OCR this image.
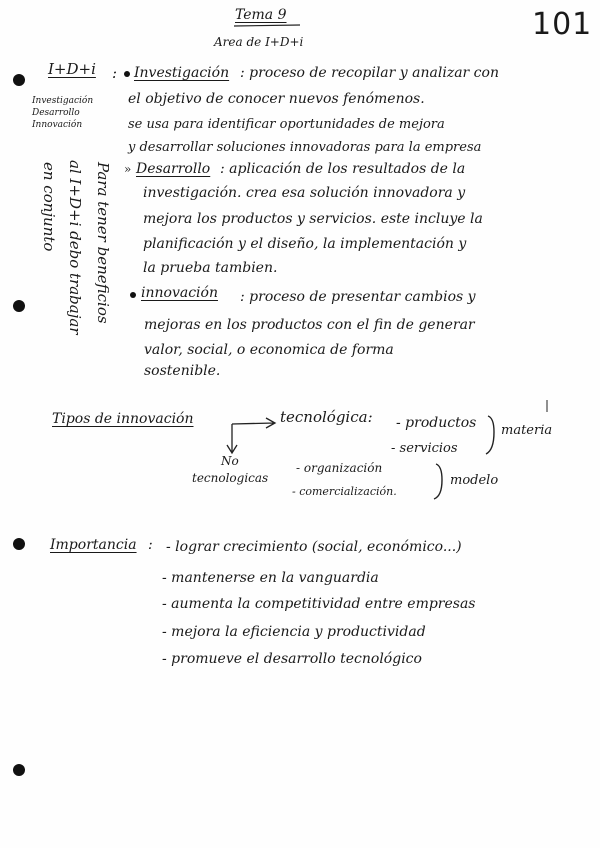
Tema 9
Area de I+D+i	101
I+D+i :
Investigación
Desarrollo
Innovación
Investigación : proceso de recopilar y analizar con
el objetivo de conocer nuevos fenómenos.
se usa para identificar oportunidades de mejora
y desarrollar soluciones innovadoras para la empresa
» Desarrollo : aplicación de los resultados de la
investigación. crea esa solución innovadora y
mejora los productos y servicios. este incluye la
planificación y el diseño, la implementación y
la prueba tambien.
innovación : proceso de presentar cambios y
mejoras en los productos con el fin de generar
valor, social, o economica de forma
sostenible.
Para tener beneficios
al I+D+i debo trabajar
en conjunto
Tipos de innovación	tecnológica: - productos
- servicios
materia
No
tecnologicas
- organización
- comercialización.
modelo
Importancia : - lograr crecimiento (social, económico...)
- mantenerse en la vanguardia
- aumenta la competitividad entre empresas
- mejora la eficiencia y productividad
- promueve el desarrollo tecnológico
